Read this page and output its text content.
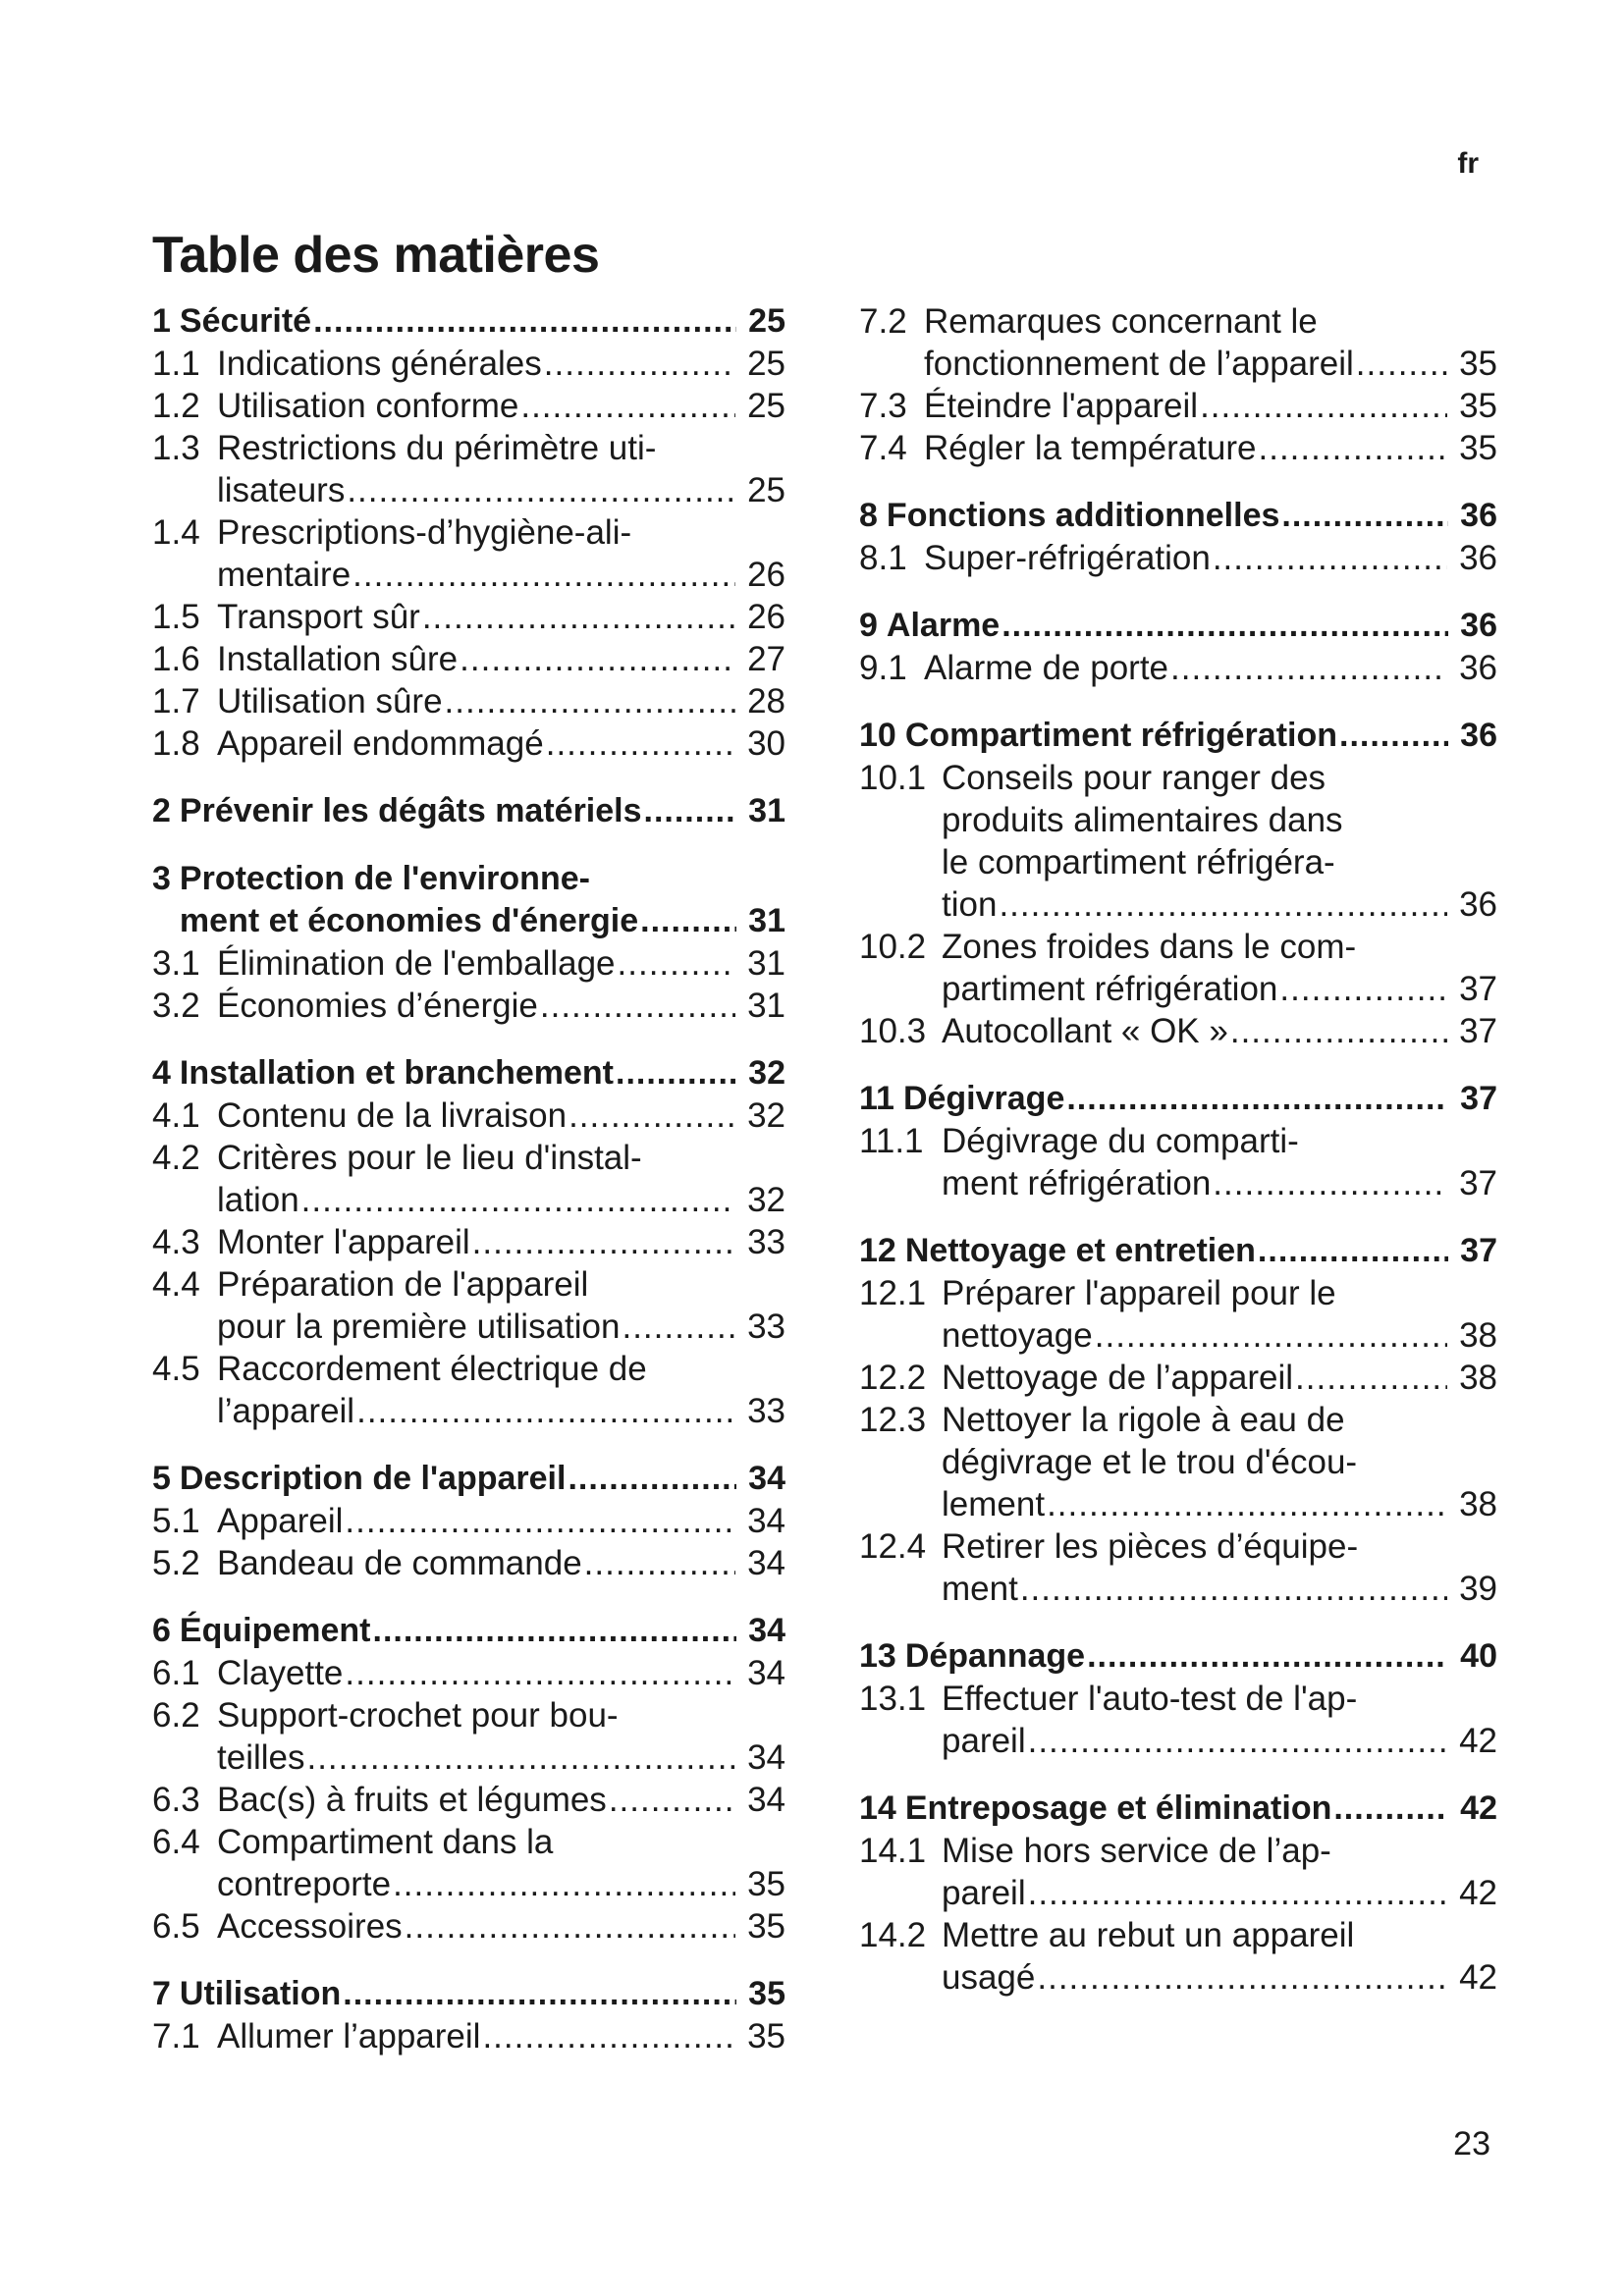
fr
Table des matières
1 Sécurité .....	25
1.1 Indications générales .....	25
1.2 Utilisation conforme .....	25
1.3 Restrictions du périmètre uti-
lisateurs .....	25
1.4 Prescriptions-d’hygiène-ali-
mentaire .....	26
1.5 Transport sûr .....	26
1.6 Installation sûre .....	27
1.7 Utilisation sûre .....	28
1.8 Appareil endommagé .....	30
2 Prévenir les dégâts matériels .....	31
3 Protection de l'environne-
ment et économies d'énergie .....	31
3.1 Élimination de l'emballage .....	31
3.2 Économies d’énergie .....	31
4 Installation et branchement .....	32
4.1 Contenu de la livraison .....	32
4.2 Critères pour le lieu d'instal-
lation .....	32
4.3 Monter l'appareil .....	33
4.4 Préparation de l'appareil
pour la première utilisation .....	33
4.5 Raccordement électrique de
l’appareil .....	33
5 Description de l'appareil .....	34
5.1 Appareil .....	34
5.2 Bandeau de commande .....	34
6 Équipement .....	34
6.1 Clayette .....	34
6.2 Support-crochet pour bou-
teilles .....	34
6.3 Bac(s) à fruits et légumes .....	34
6.4 Compartiment dans la
contreporte .....	35
6.5 Accessoires .....	35
7 Utilisation .....	35
7.1 Allumer l’appareil .....	35
7.2 Remarques concernant le
fonctionnement de l’appareil .....	35
7.3 Éteindre l'appareil .....	35
7.4 Régler la température .....	35
8 Fonctions additionnelles .....	36
8.1 Super-réfrigération .....	36
9 Alarme .....	36
9.1 Alarme de porte .....	36
10 Compartiment réfrigération .....	36
10.1 Conseils pour ranger des
produits alimentaires dans
le compartiment réfrigéra-
tion .....	36
10.2 Zones froides dans le com-
partiment réfrigération .....	37
10.3 Autocollant « OK » .....	37
11 Dégivrage .....	37
11.1 Dégivrage du comparti-
ment réfrigération .....	37
12 Nettoyage et entretien .....	37
12.1 Préparer l'appareil pour le
nettoyage .....	38
12.2 Nettoyage de l’appareil .....	38
12.3 Nettoyer la rigole à eau de
dégivrage et le trou d'écou-
lement .....	38
12.4 Retirer les pièces d’équipe-
ment .....	39
13 Dépannage .....	40
13.1 Effectuer l'auto-test de l'ap-
pareil .....	42
14 Entreposage et élimination .....	42
14.1 Mise hors service de l’ap-
pareil .....	42
14.2 Mettre au rebut un appareil
usagé .....	42
23
